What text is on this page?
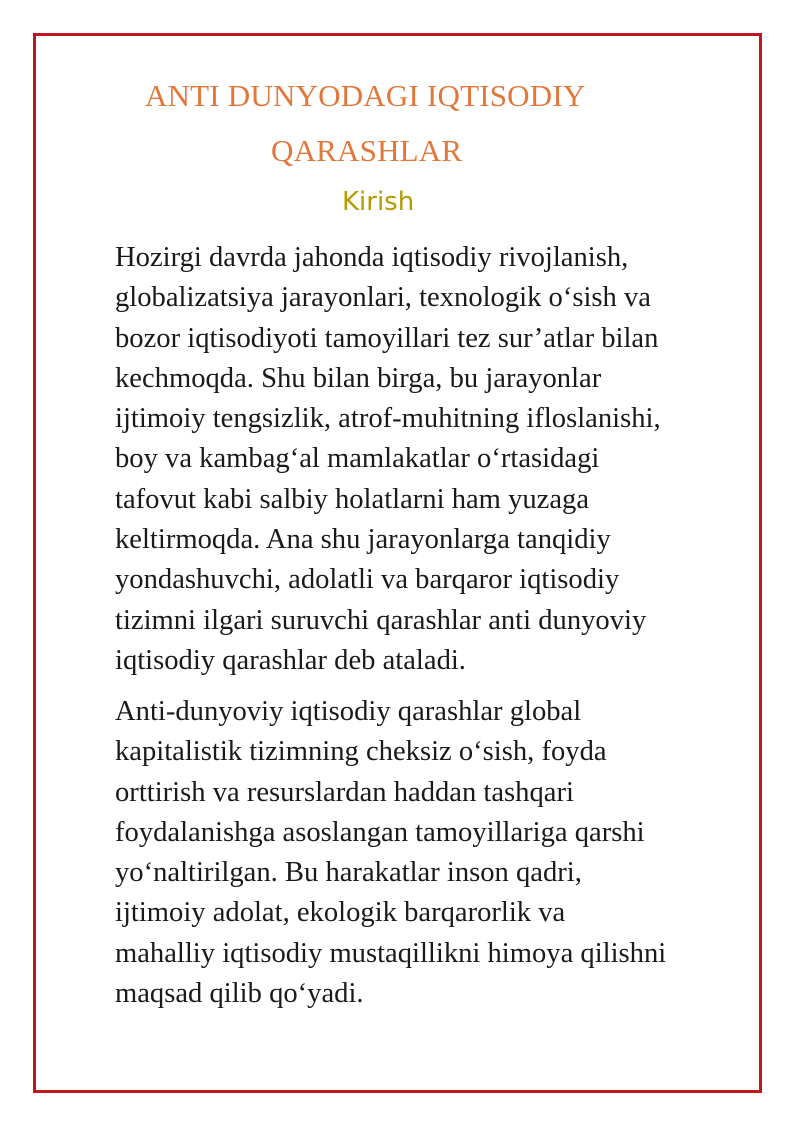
ANTI DUNYODAGI IQTISODIY
QARASHLAR
Kirish

Hozirgi davrda jahonda iqtisodiy rivojlanish,
globalizatsiya jarayonlari, texnologik o‘sish va
bozor iqtisodiyoti tamoyillari tez sur’atlar bilan
kechmoqda. Shu bilan birga, bu jarayonlar
ijtimoiy tengsizlik, atrof-muhitning ifloslanishi,
boy va kambag‘al mamlakatlar o‘rtasidagi
tafovut kabi salbiy holatlarni ham yuzaga
keltirmoqda. Ana shu jarayonlarga tanqidiy
yondashuvchi, adolatli va barqaror iqtisodiy
tizimni ilgari suruvchi qarashlar anti dunyoviy
iqtisodiy qarashlar deb ataladi.

Anti-dunyoviy iqtisodiy qarashlar global
kapitalistik tizimning cheksiz o‘sish, foyda
orttirish va resurslardan haddan tashqari
foydalanishga asoslangan tamoyillariga qarshi
yo‘naltirilgan. Bu harakatlar inson qadri,
ijtimoiy adolat, ekologik barqarorlik va
mahalliy iqtisodiy mustaqillikni himoya qilishni
maqsad qilib qo‘yadi.
